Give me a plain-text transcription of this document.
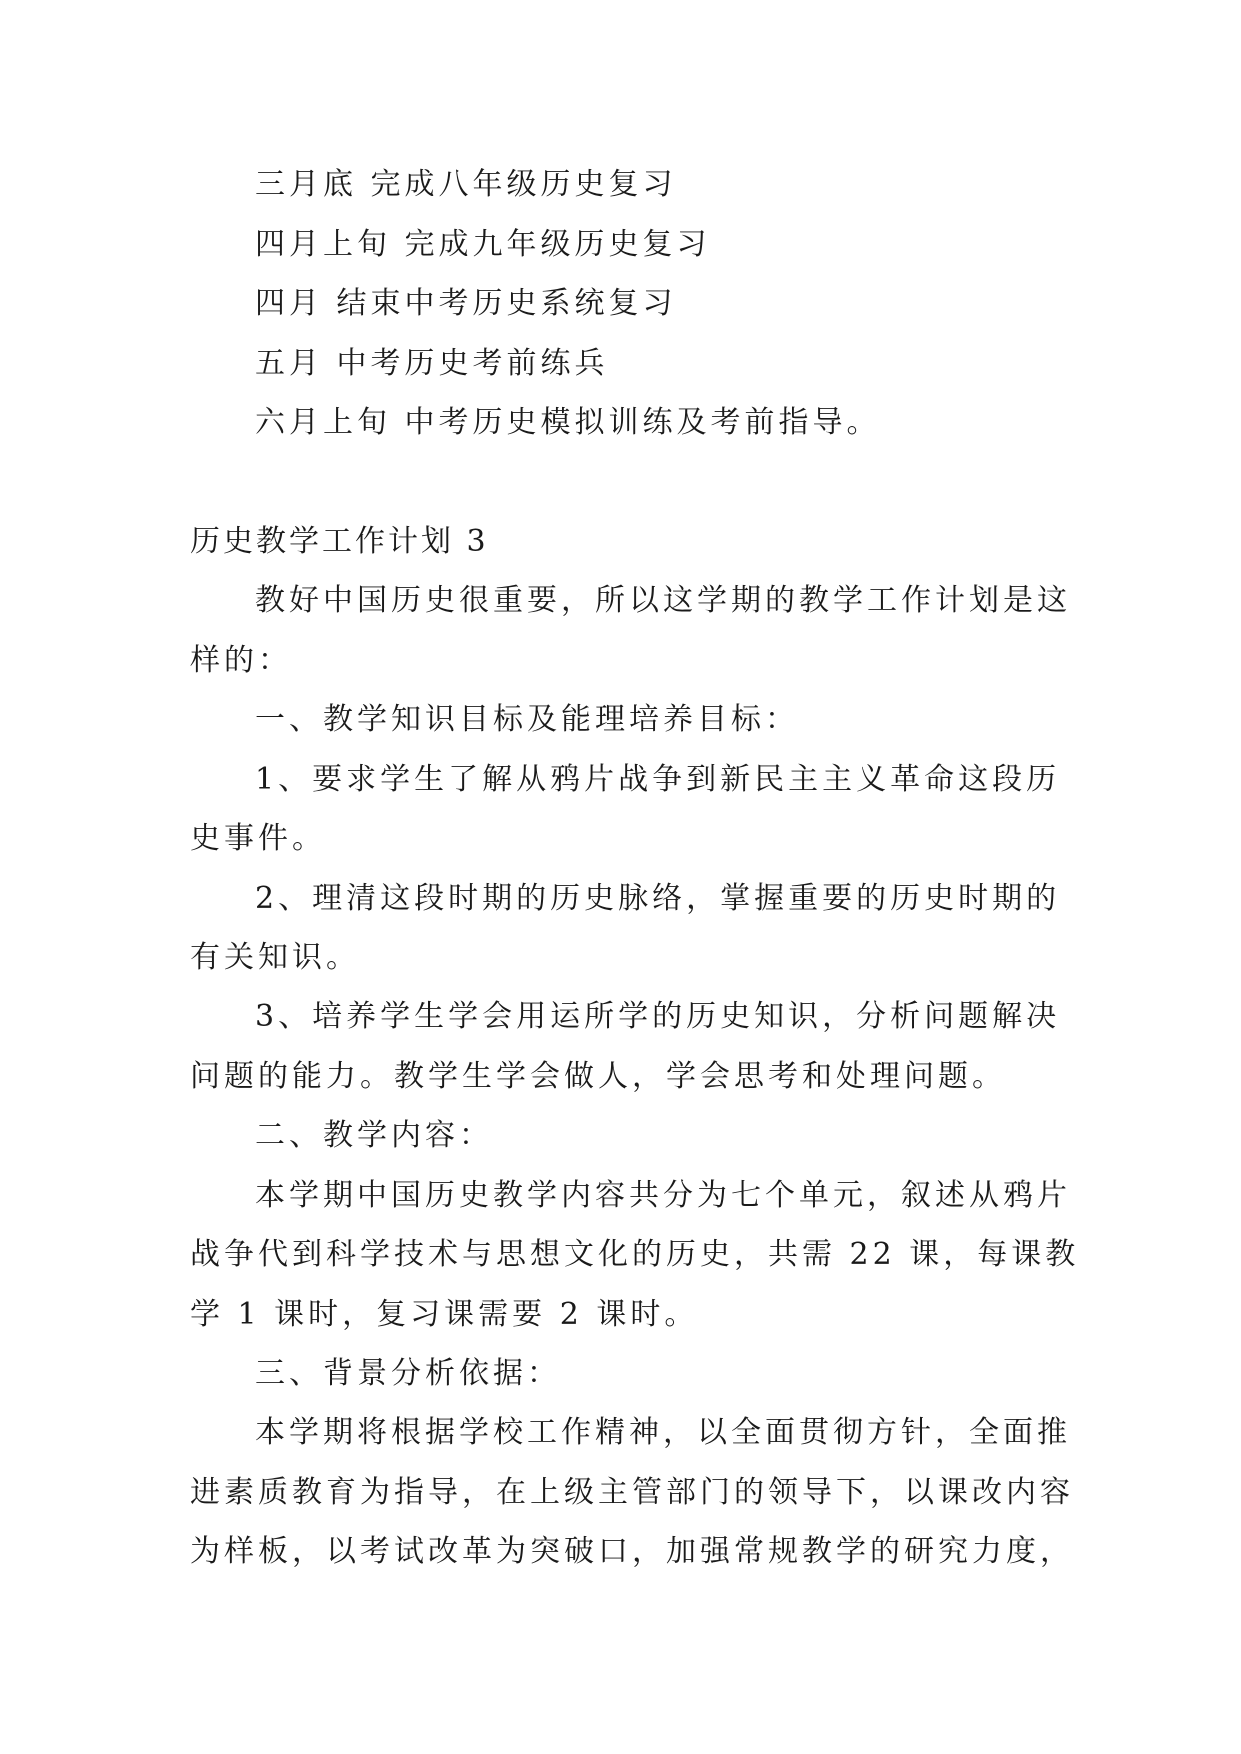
三月底 完成八年级历史复习
四月上旬 完成九年级历史复习
四月 结束中考历史系统复习
五月 中考历史考前练兵
六月上旬 中考历史模拟训练及考前指导。
历史教学工作计划 3
教好中国历史很重要，所以这学期的教学工作计划是这
样的：
一、教学知识目标及能理培养目标：
1、要求学生了解从鸦片战争到新民主主义革命这段历
史事件。
2、理清这段时期的历史脉络，掌握重要的历史时期的
有关知识。
3、培养学生学会用运所学的历史知识，分析问题解决
问题的能力。教学生学会做人，学会思考和处理问题。
二、教学内容：
本学期中国历史教学内容共分为七个单元，叙述从鸦片
战争代到科学技术与思想文化的历史，共需 22 课，每课教
学 1 课时，复习课需要 2 课时。
三、背景分析依据：
本学期将根据学校工作精神，以全面贯彻方针，全面推
进素质教育为指导，在上级主管部门的领导下，以课改内容
为样板，以考试改革为突破口，加强常规教学的研究力度，
